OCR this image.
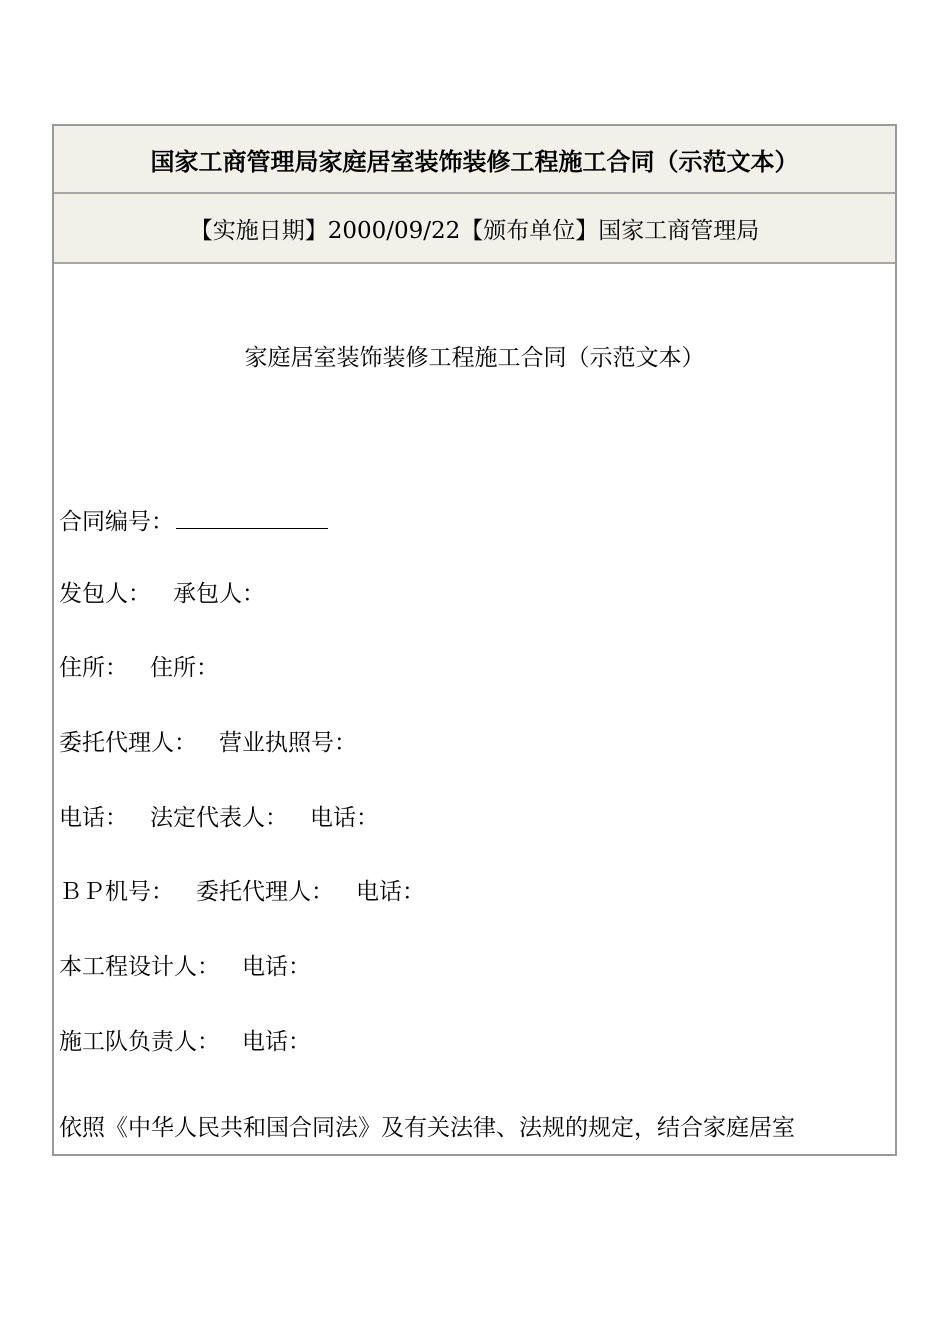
国家工商管理局家庭居室装饰装修工程施工合同（示范文本）
【实施日期】2000/09/22【颁布单位】国家工商管理局
家庭居室装饰装修工程施工合同（示范文本）
合同编号：
发包人： 承包人：
住所： 住所：
委托代理人： 营业执照号：
电话： 法定代表人： 电话：
ＢＰ机号： 委托代理人： 电话：
本工程设计人： 电话：
施工队负责人： 电话：
依照《中华人民共和国合同法》及有关法律、法规的规定，结合家庭居室
